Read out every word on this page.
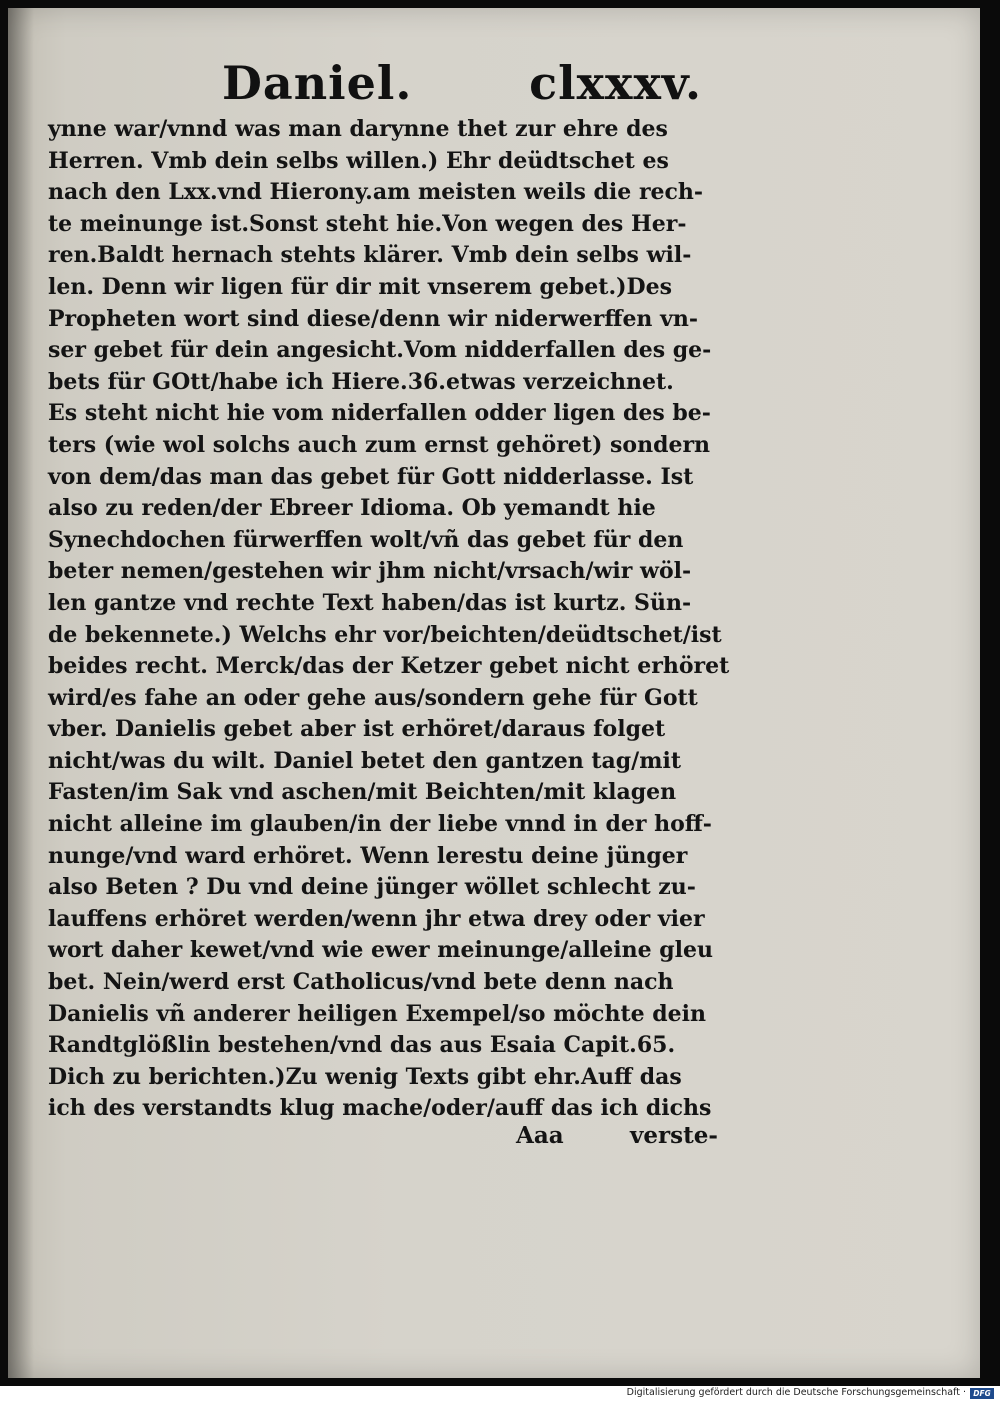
Daniel.	clxxxv.
ynne war/vnnd was man darynne thet zur ehre des
Herren. Vmb dein selbs willen.) Ehr deüdtschet es
nach den Lxx.vnd Hierony.am meisten weils die rech-
te meinunge ist.Sonst steht hie.Von wegen des Her-
ren.Baldt hernach stehts klärer. Vmb dein selbs wil-
len. Denn wir ligen für dir mit vnserem gebet.)Des
Propheten wort sind diese/denn wir niderwerffen vn-
ser gebet für dein angesicht.Vom nidderfallen des ge-
bets für GOtt/habe ich Hiere.36.etwas verzeichnet.
Es steht nicht hie vom niderfallen odder ligen des be-
ters (wie wol solchs auch zum ernst gehöret) sondern
von dem/das man das gebet für Gott nidderlasse. Ist
also zu reden/der Ebreer Idioma. Ob yemandt hie
Synechdochen fürwerffen wolt/vñ das gebet für den
beter nemen/gestehen wir jhm nicht/vrsach/wir wöl-
len gantze vnd rechte Text haben/das ist kurtz. Sün-
de bekennete.) Welchs ehr vor/beichten/deüdtschet/ist
beides recht. Merck/das der Ketzer gebet nicht erhöret
wird/es fahe an oder gehe aus/sondern gehe für Gott
vber. Danielis gebet aber ist erhöret/daraus folget
nicht/was du wilt. Daniel betet den gantzen tag/mit
Fasten/im Sak vnd aschen/mit Beichten/mit klagen
nicht alleine im glauben/in der liebe vnnd in der hoff-
nunge/vnd ward erhöret. Wenn lerestu deine jünger
also Beten ? Du vnd deine jünger wöllet schlecht zu-
lauffens erhöret werden/wenn jhr etwa drey oder vier
wort daher kewet/vnd wie ewer meinunge/alleine gleu
bet. Nein/werd erst Catholicus/vnd bete denn nach
Danielis vñ anderer heiligen Exempel/so möchte dein
Randtglößlin bestehen/vnd das aus Esaia Capit.65.
Dich zu berichten.)Zu wenig Texts gibt ehr.Auff das
ich des verstandts klug mache/oder/auff das ich dichs
Aaa	verste-
Digitalisierung gefördert durch die Deutsche Forschungsgemeinschaft · DFG
